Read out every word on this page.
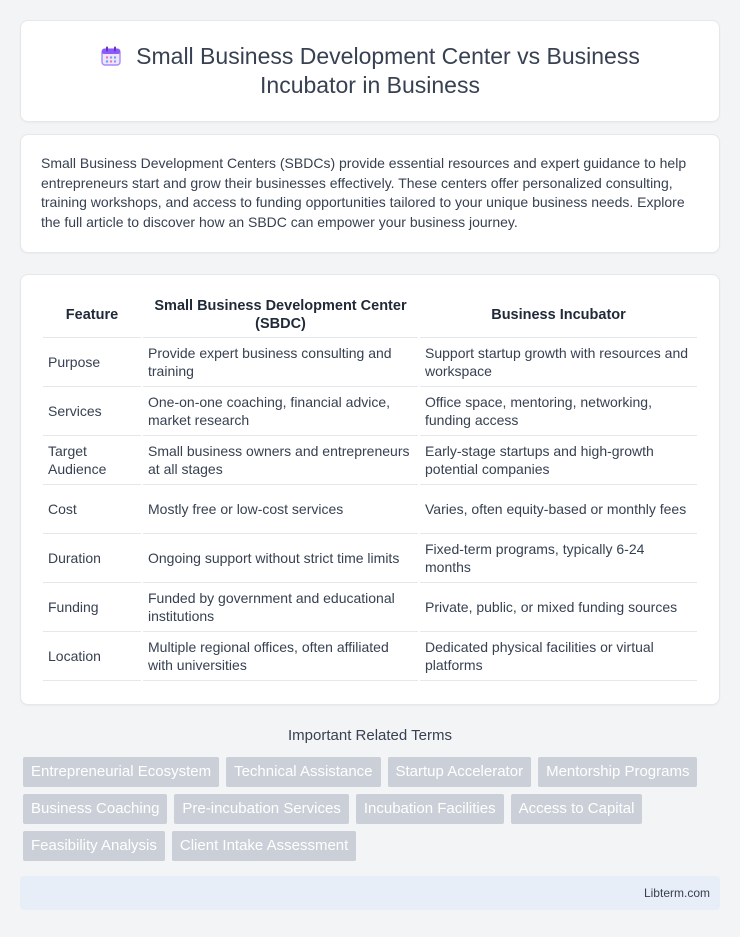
Small Business Development Center vs Business Incubator in Business

Small Business Development Centers (SBDCs) provide essential resources and expert guidance to help entrepreneurs start and grow their businesses effectively. These centers offer personalized consulting, training workshops, and access to funding opportunities tailored to your unique business needs. Explore the full article to discover how an SBDC can empower your business journey.

Feature	Small Business Development Center (SBDC)	Business Incubator
Purpose	Provide expert business consulting and training	Support startup growth with resources and workspace
Services	One-on-one coaching, financial advice, market research	Office space, mentoring, networking, funding access
Target Audience	Small business owners and entrepreneurs at all stages	Early-stage startups and high-growth potential companies
Cost	Mostly free or low-cost services	Varies, often equity-based or monthly fees
Duration	Ongoing support without strict time limits	Fixed-term programs, typically 6-24 months
Funding	Funded by government and educational institutions	Private, public, or mixed funding sources
Location	Multiple regional offices, often affiliated with universities	Dedicated physical facilities or virtual platforms
Important Related Terms
Entrepreneurial Ecosystem	Technical Assistance	Startup Accelerator	Mentorship Programs
Business Coaching	Pre-incubation Services	Incubation Facilities	Access to Capital
Feasibility Analysis	Client Intake Assessment
Libterm.com
